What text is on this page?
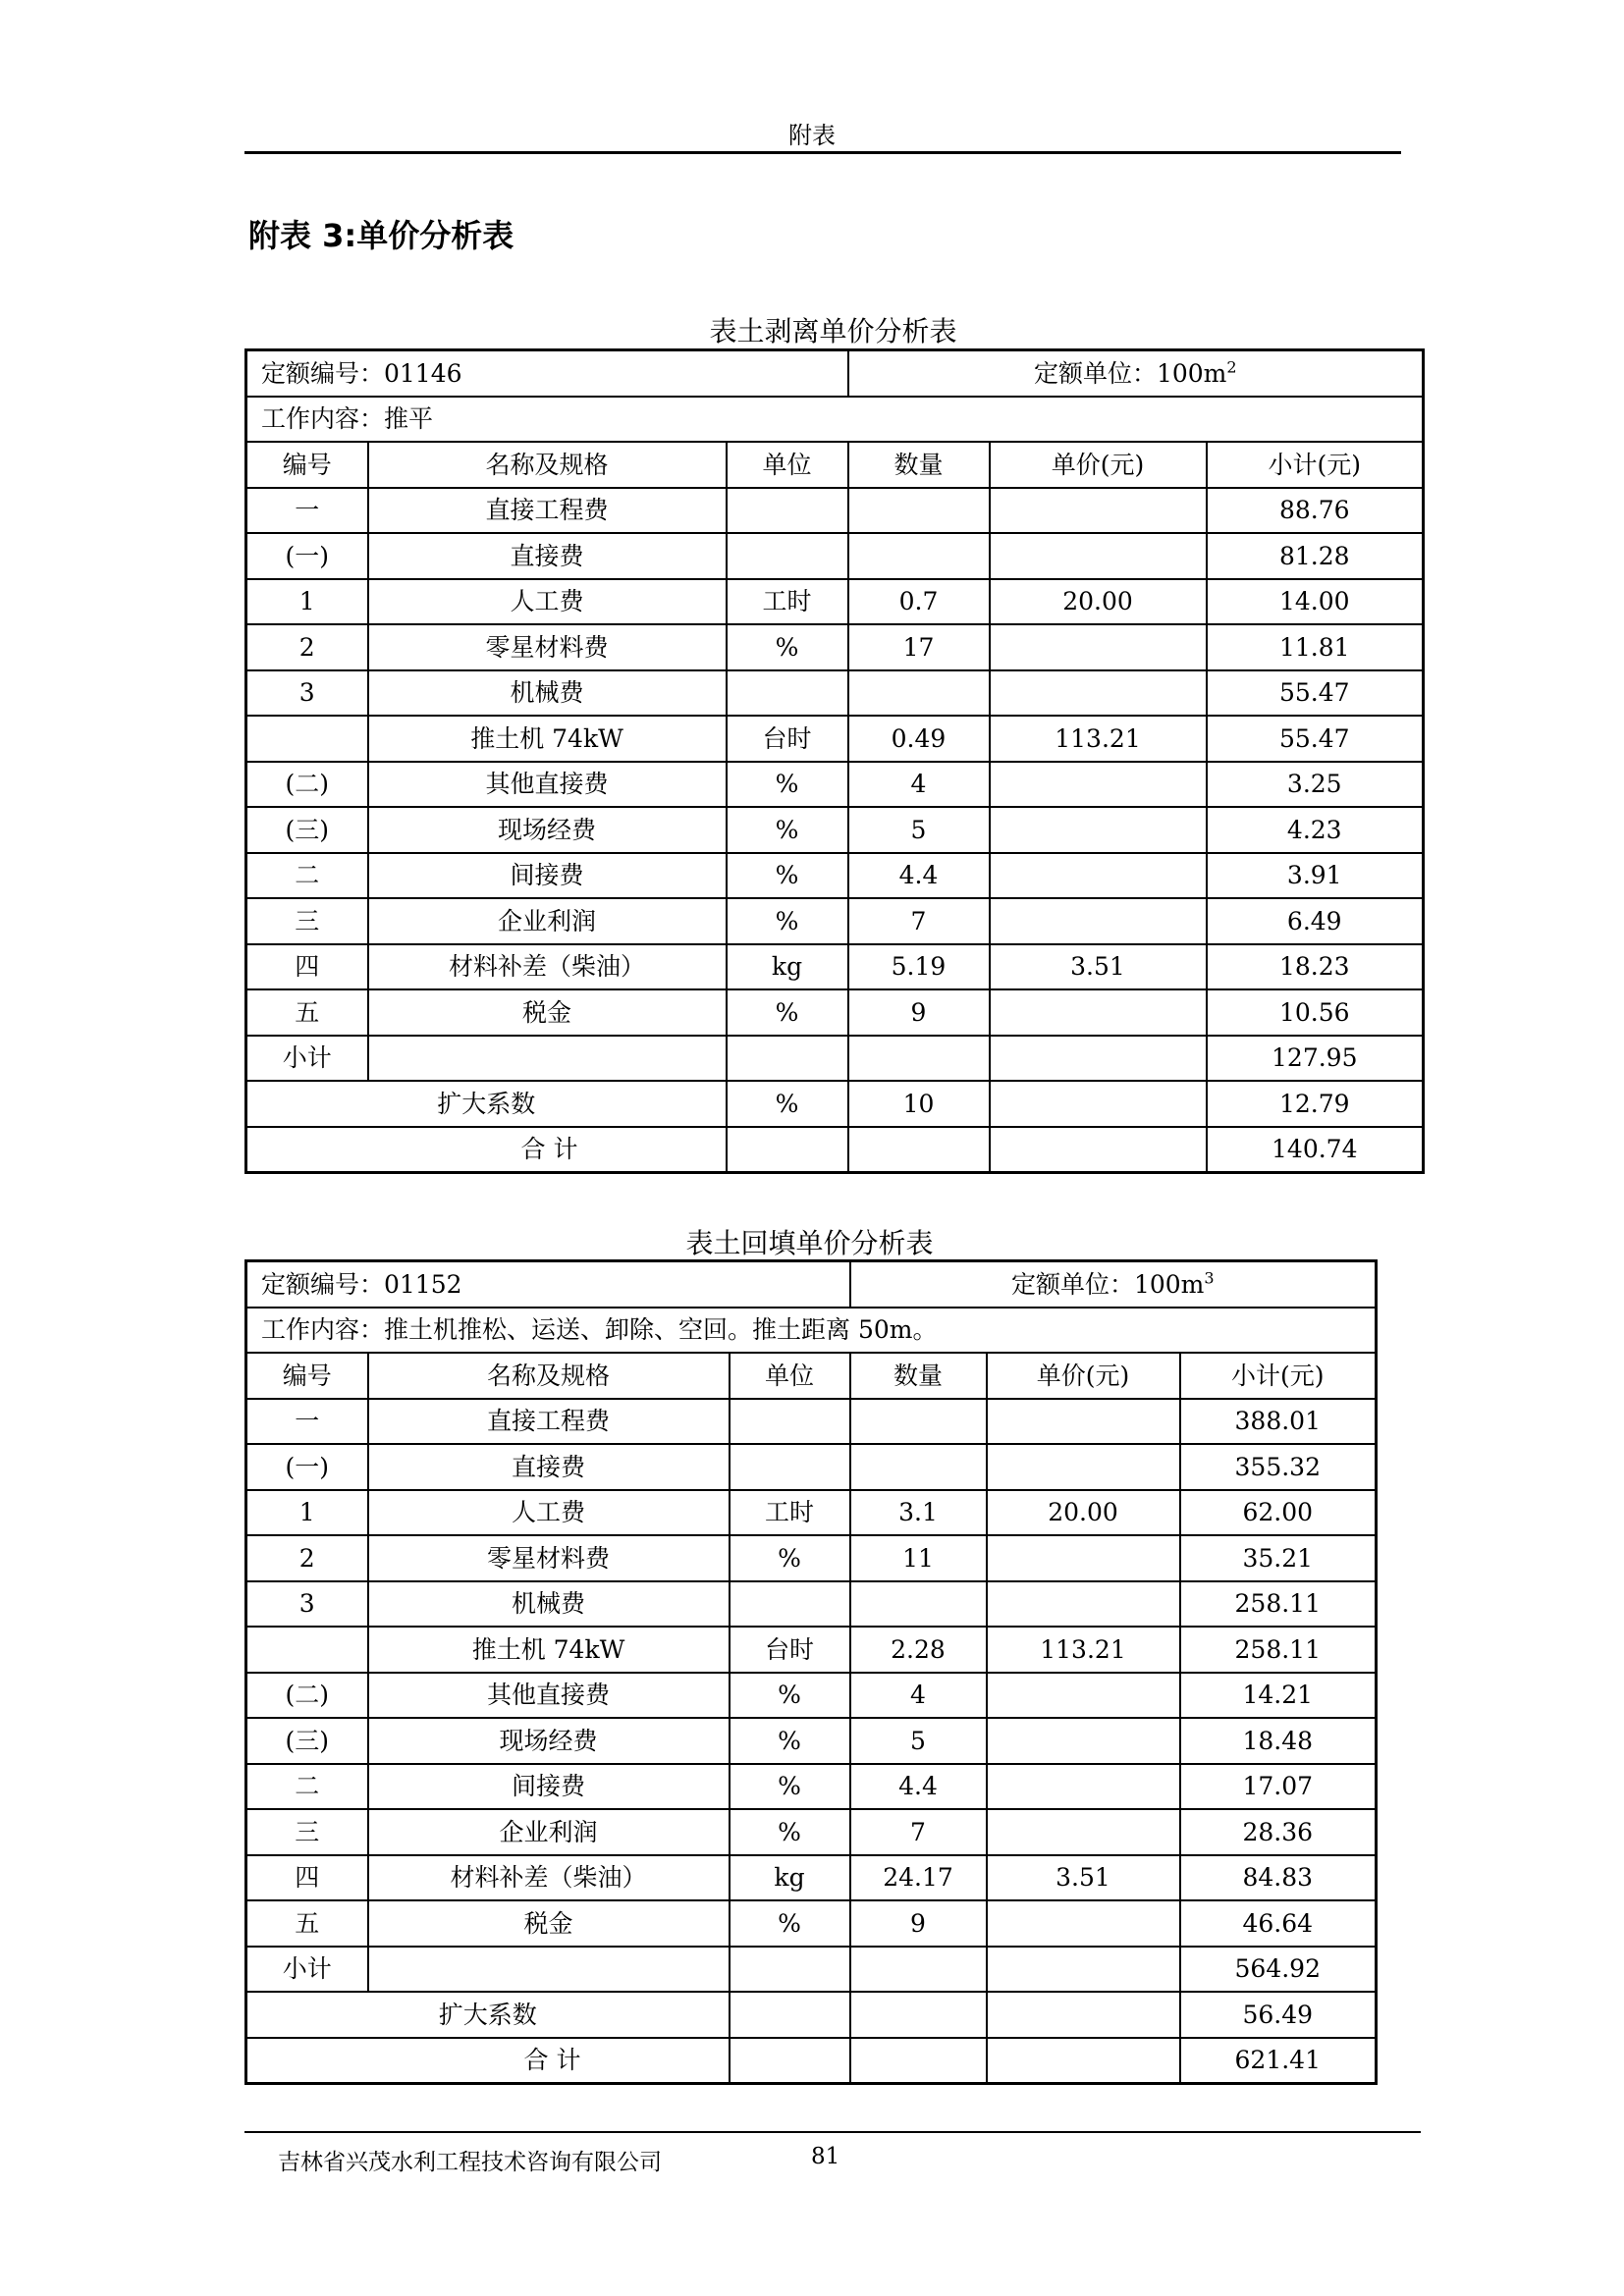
附表
附表 3:单价分析表
表土剥离单价分析表
定额编号：01146			定额单位：$100m^2$
工作内容：推平					
编号	名称及规格	单位	数量	单价(元)	小计(元)
一	直接工程费				88.76
(一)	直接费				81.28
1	人工费	工时	0.7	20.00	14.00
2	零星材料费	%	17		11.81
3	机械费				55.47
	推土机 74kW	台时	0.49	113.21	55.47
(二)	其他直接费	%	4		3.25
(三)	现场经费	%	5		4.23
二	间接费	%	4.4		3.91
三	企业利润	%	7		6.49
四	材料补差（柴油）	kg	5.19	3.51	18.23
五	税金	%	9		10.56
小计					127.95
扩大系数		%	10		12.79
合 计					140.74
表土回填单价分析表
定额编号：01152			定额单位：$100m^3$
工作内容：推土机推松、运送、卸除、空回。推土距离 50m。					
编号	名称及规格	单位	数量	单价(元)	小计(元)
一	直接工程费				388.01
(一)	直接费				355.32
1	人工费	工时	3.1	20.00	62.00
2	零星材料费	%	11		35.21
3	机械费				258.11
	推土机 74kW	台时	2.28	113.21	258.11
(二)	其他直接费	%	4		14.21
(三)	现场经费	%	5		18.48
二	间接费	%	4.4		17.07
三	企业利润	%	7		28.36
四	材料补差（柴油）	kg	24.17	3.51	84.83
五	税金	%	9		46.64
小计					564.92
扩大系数					56.49
合 计					621.41
吉林省兴茂水利工程技术咨询有限公司	81
